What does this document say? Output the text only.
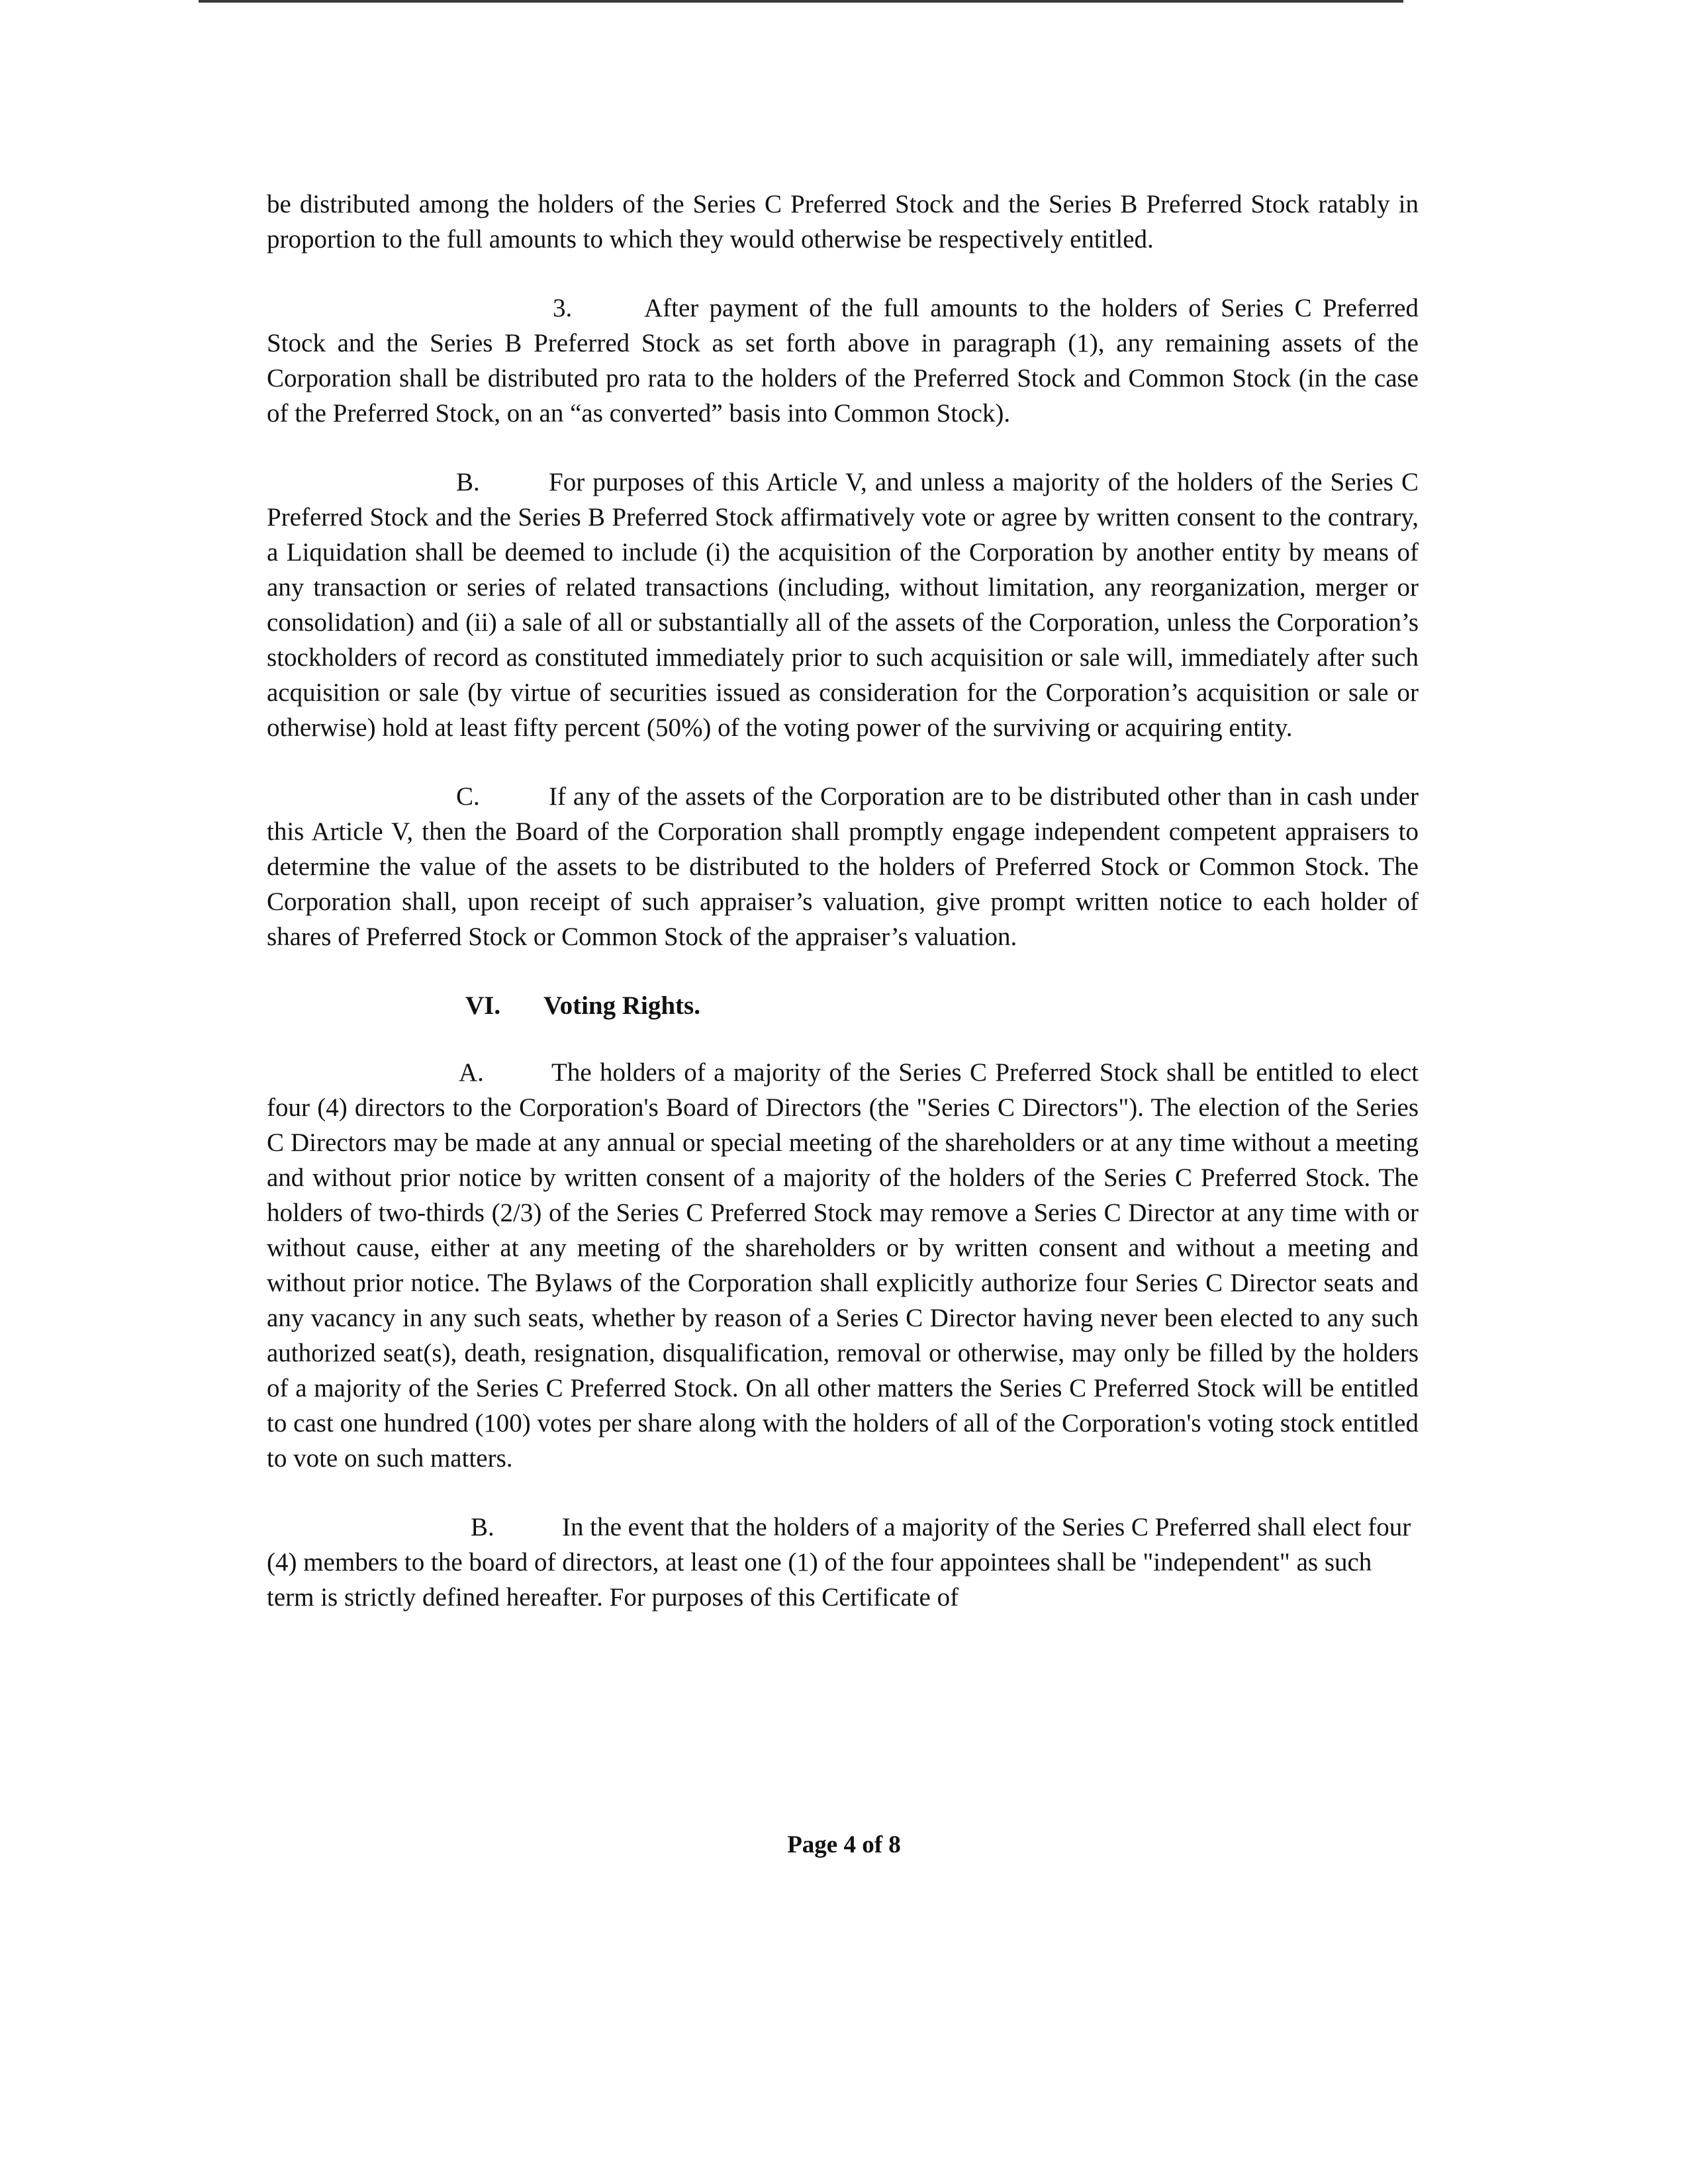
be distributed among the holders of the Series C Preferred Stock and the Series B Preferred Stock ratably in proportion to the full amounts to which they would otherwise be respectively entitled.

3.	After payment of the full amounts to the holders of Series C Preferred Stock and the Series B Preferred Stock as set forth above in paragraph (1), any remaining assets of the Corporation shall be distributed pro rata to the holders of the Preferred Stock and Common Stock (in the case of the Preferred Stock, on an “as converted” basis into Common Stock).

B.	For purposes of this Article V, and unless a majority of the holders of the Series C Preferred Stock and the Series B Preferred Stock affirmatively vote or agree by written consent to the contrary, a Liquidation shall be deemed to include (i) the acquisition of the Corporation by another entity by means of any transaction or series of related transactions (including, without limitation, any reorganization, merger or consolidation) and (ii) a sale of all or substantially all of the assets of the Corporation, unless the Corporation’s stockholders of record as constituted immediately prior to such acquisition or sale will, immediately after such acquisition or sale (by virtue of securities issued as consideration for the Corporation’s acquisition or sale or otherwise) hold at least fifty percent (50%) of the voting power of the surviving or acquiring entity.

C.	If any of the assets of the Corporation are to be distributed other than in cash under this Article V, then the Board of the Corporation shall promptly engage independent competent appraisers to determine the value of the assets to be distributed to the holders of Preferred Stock or Common Stock. The Corporation shall, upon receipt of such appraiser’s valuation, give prompt written notice to each holder of shares of Preferred Stock or Common Stock of the appraiser’s valuation.

VI. Voting Rights.

A.	The holders of a majority of the Series C Preferred Stock shall be entitled to elect four (4) directors to the Corporation's Board of Directors (the "Series C Directors"). The election of the Series C Directors may be made at any annual or special meeting of the shareholders or at any time without a meeting and without prior notice by written consent of a majority of the holders of the Series C Preferred Stock. The holders of two-thirds (2/3) of the Series C Preferred Stock may remove a Series C Director at any time with or without cause, either at any meeting of the shareholders or by written consent and without a meeting and without prior notice. The Bylaws of the Corporation shall explicitly authorize four Series C Director seats and any vacancy in any such seats, whether by reason of a Series C Director having never been elected to any such authorized seat(s), death, resignation, disqualification, removal or otherwise, may only be filled by the holders of a majority of the Series C Preferred Stock. On all other matters the Series C Preferred Stock will be entitled to cast one hundred (100) votes per share along with the holders of all of the Corporation's voting stock entitled to vote on such matters.

B.	In the event that the holders of a majority of the Series C Preferred shall elect four (4) members to the board of directors, at least one (1) of the four appointees shall be "independent" as such term is strictly defined hereafter. For purposes of this Certificate of

Page 4 of 8
